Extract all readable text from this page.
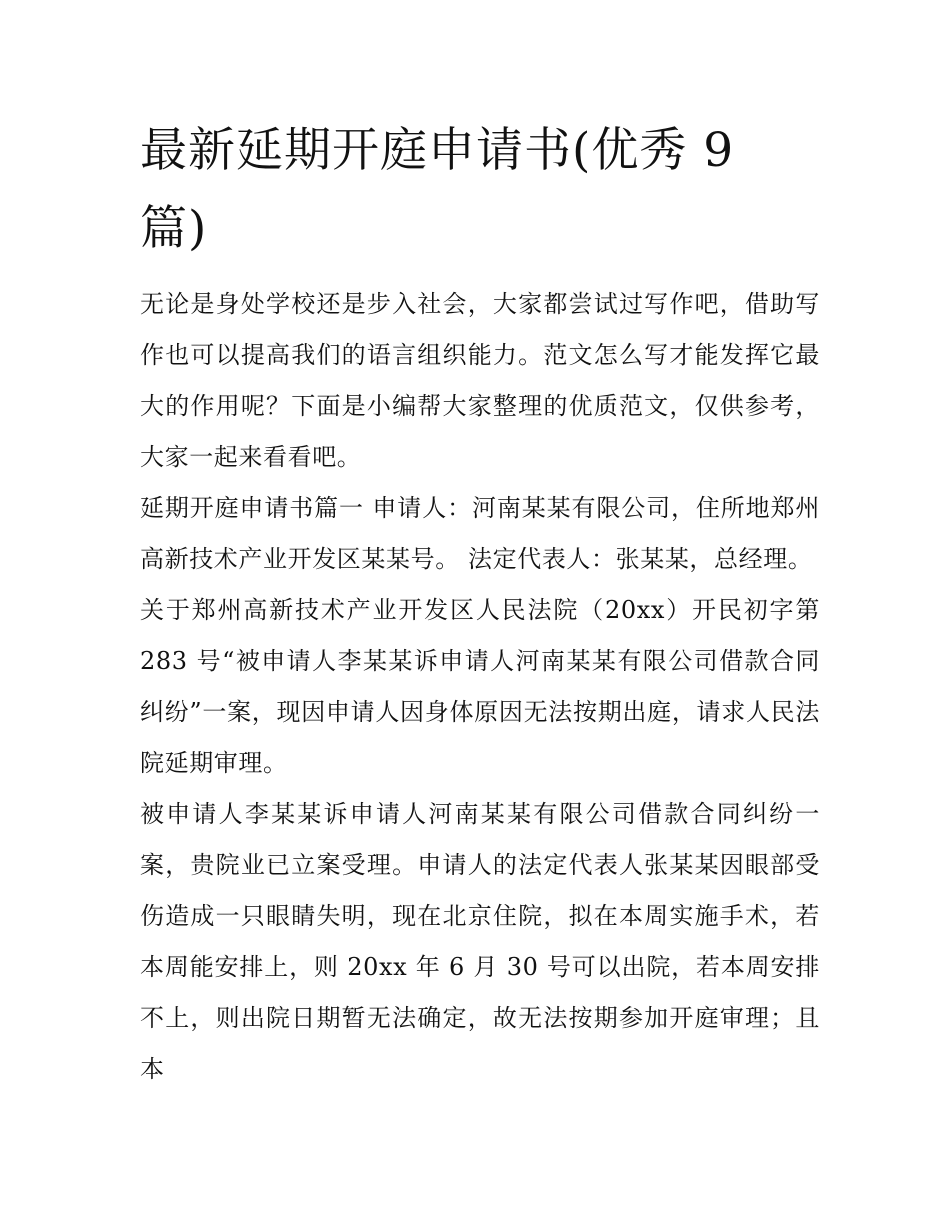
最新延期开庭申请书(优秀 9 篇)

无论是身处学校还是步入社会，大家都尝试过写作吧，借助写作也可以提高我们的语言组织能力。范文怎么写才能发挥它最大的作用呢？下面是小编帮大家整理的优质范文，仅供参考，大家一起来看看吧。

延期开庭申请书篇一 申请人：河南某某有限公司，住所地郑州高新技术产业开发区某某号。 法定代表人：张某某，总经理。

关于郑州高新技术产业开发区人民法院（20xx）开民初字第 283 号“被申请人李某某诉申请人河南某某有限公司借款合同纠纷”一案，现因申请人因身体原因无法按期出庭，请求人民法院延期审理。

被申请人李某某诉申请人河南某某有限公司借款合同纠纷一案，贵院业已立案受理。申请人的法定代表人张某某因眼部受伤造成一只眼睛失明，现在北京住院，拟在本周实施手术，若本周能安排上，则 20xx 年 6 月 30 号可以出院，若本周安排不上，则出院日期暂无法确定，故无法按期参加开庭审理；且本
